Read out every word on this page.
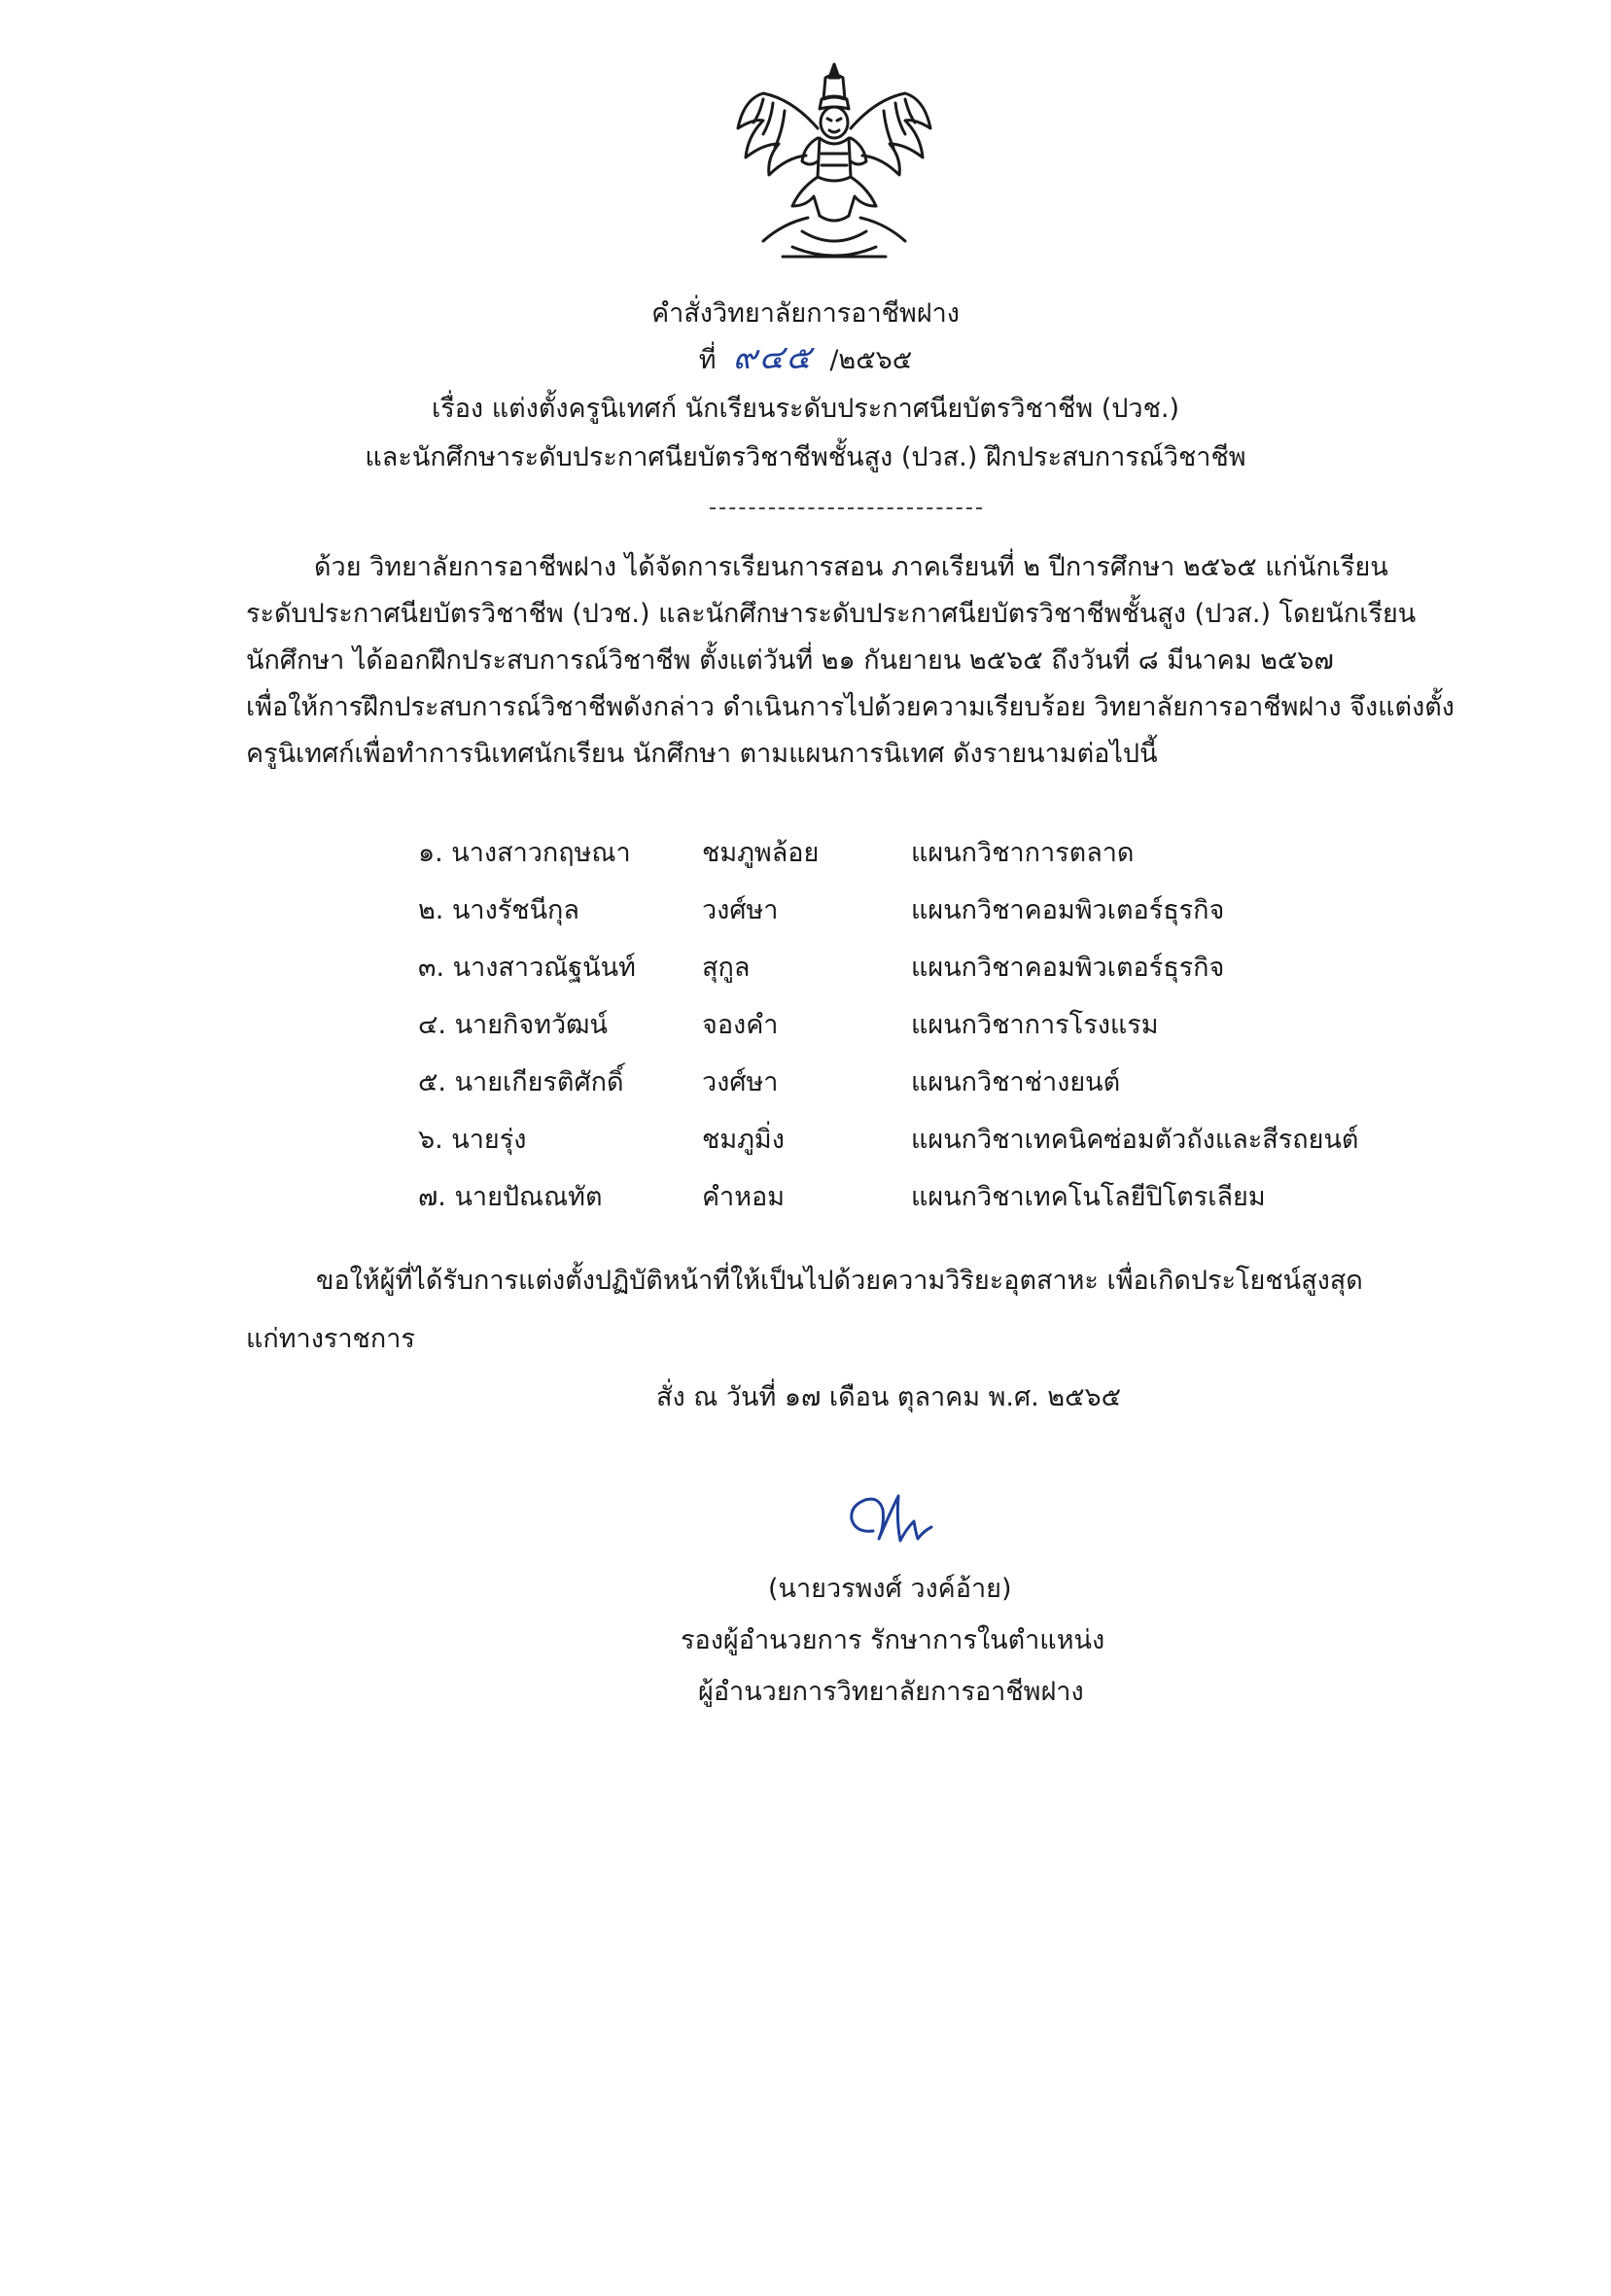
คำสั่งวิทยาลัยการอาชีพฝาง
ที่ ๙๔๕ /๒๕๖๕
เรื่อง แต่งตั้งครูนิเทศก์ นักเรียนระดับประกาศนียบัตรวิชาชีพ (ปวช.)
และนักศึกษาระดับประกาศนียบัตรวิชาชีพชั้นสูง (ปวส.) ฝึกประสบการณ์วิชาชีพ
ด้วย วิทยาลัยการอาชีพฝาง ได้จัดการเรียนการสอน ภาคเรียนที่ ๒ ปีการศึกษา ๒๕๖๕ แก่นักเรียน
ระดับประกาศนียบัตรวิชาชีพ (ปวช.) และนักศึกษาระดับประกาศนียบัตรวิชาชีพชั้นสูง (ปวส.) โดยนักเรียน
นักศึกษา ได้ออกฝึกประสบการณ์วิชาชีพ ตั้งแต่วันที่ ๒๑ กันยายน ๒๕๖๕ ถึงวันที่ ๘ มีนาคม ๒๕๖๗
เพื่อให้การฝึกประสบการณ์วิชาชีพดังกล่าว ดำเนินการไปด้วยความเรียบร้อย วิทยาลัยการอาชีพฝาง จึงแต่งตั้ง
ครูนิเทศก์เพื่อทำการนิเทศนักเรียน นักศึกษา ตามแผนการนิเทศ ดังรายนามต่อไปนี้
๑. นางสาวกฤษณา	ชมภูพล้อย	แผนกวิชาการตลาด
๒. นางรัชนีกุล	วงศ์ษา	แผนกวิชาคอมพิวเตอร์ธุรกิจ
๓. นางสาวณัฐนันท์	สุกูล	แผนกวิชาคอมพิวเตอร์ธุรกิจ
๔. นายกิจทวัฒน์	จองคำ	แผนกวิชาการโรงแรม
๕. นายเกียรติศักดิ์	วงศ์ษา	แผนกวิชาช่างยนต์
๖. นายรุ่ง	ชมภูมิ่ง	แผนกวิชาเทคนิคซ่อมตัวถังและสีรถยนต์
๗. นายปัณณทัต	คำหอม	แผนกวิชาเทคโนโลยีปิโตรเลียม
ขอให้ผู้ที่ได้รับการแต่งตั้งปฏิบัติหน้าที่ให้เป็นไปด้วยความวิริยะอุตสาหะ เพื่อเกิดประโยชน์สูงสุด
แก่ทางราชการ
สั่ง ณ วันที่ ๑๗ เดือน ตุลาคม พ.ศ. ๒๕๖๕
(นายวรพงศ์ วงค์อ้าย)
รองผู้อำนวยการ รักษาการในตำแหน่ง
ผู้อำนวยการวิทยาลัยการอาชีพฝาง
